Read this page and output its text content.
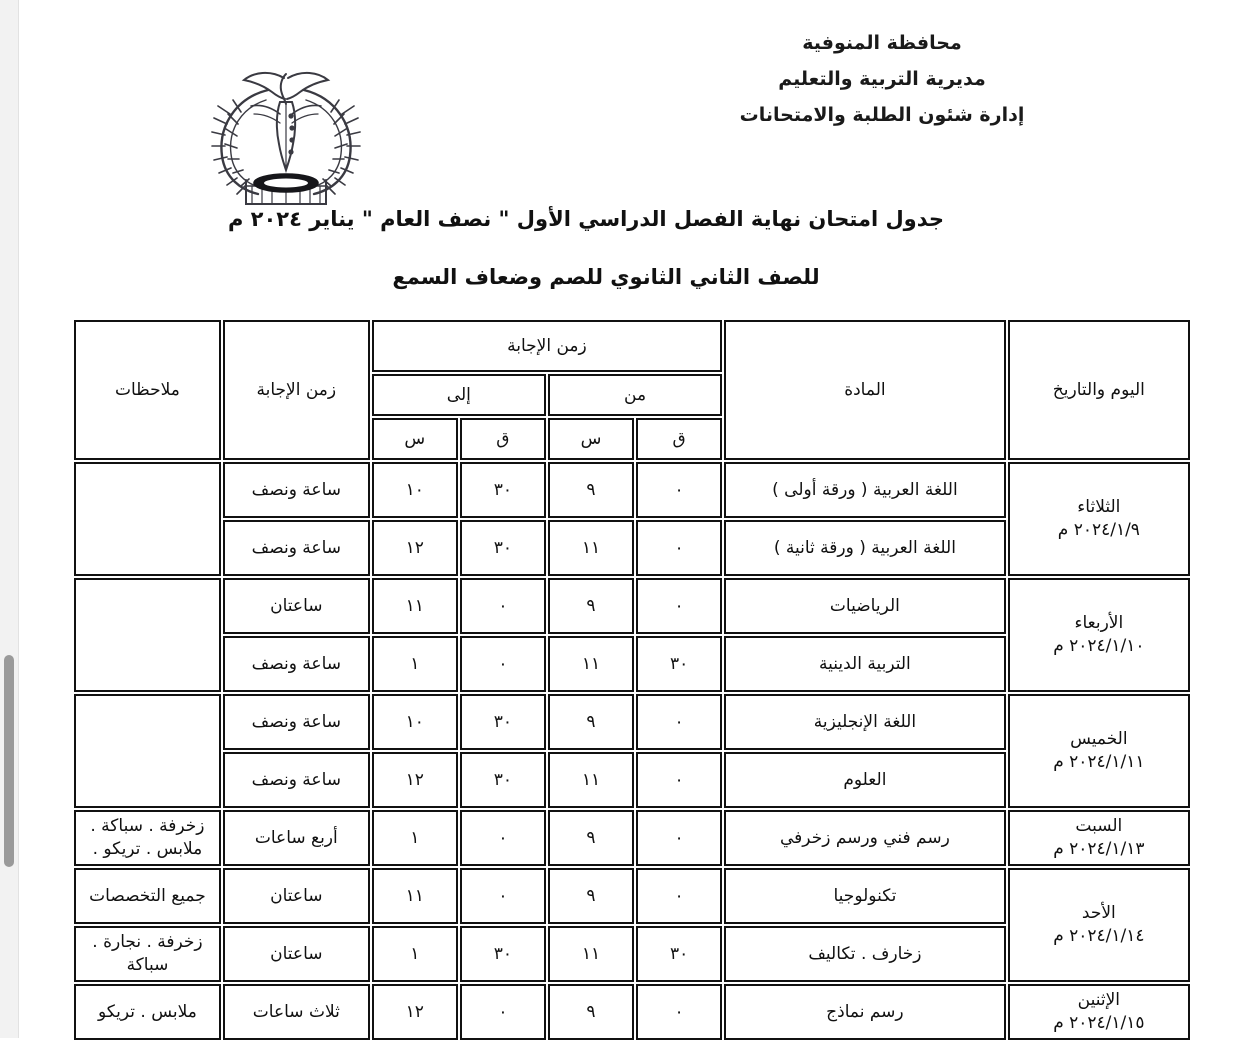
محافظة المنوفية
مديرية التربية والتعليم
إدارة شئون الطلبة والامتحانات
جدول امتحان نهاية الفصل الدراسي الأول " نصف العام " يناير ٢٠٢٤ م
للصف الثاني الثانوي للصم وضعاف السمع
اليوم والتاريخ	المادة	زمن الإجابة				زمن الإجابة	ملاحظات
		من		إلى			
		ق	س	ق	س		

الثلاثاء
٢٠٢٤/١/٩ م	اللغة العربية ( ورقة أولى )	٠	٩	٣٠	١٠	ساعة ونصف	
	اللغة العربية ( ورقة ثانية )	٠	١١	٣٠	١٢	ساعة ونصف	

الأربعاء
٢٠٢٤/١/١٠ م	الرياضيات	٠	٩	٠	١١	ساعتان	
	التربية الدينية	٣٠	١١	٠	١	ساعة ونصف	

الخميس
٢٠٢٤/١/١١ م	اللغة الإنجليزية	٠	٩	٣٠	١٠	ساعة ونصف	
	العلوم	٠	١١	٣٠	١٢	ساعة ونصف	

السبت
٢٠٢٤/١/١٣ م	رسم فني ورسم زخرفي	٠	٩	٠	١	أربع ساعات	زخرفة . سباكة . ملابس . تريكو .

الأحد
٢٠٢٤/١/١٤ م	تكنولوجيا	٠	٩	٠	١١	ساعتان	جميع التخصصات
	زخارف . تكاليف	٣٠	١١	٣٠	١	ساعتان	زخرفة . نجارة . سباكة

الإثنين
٢٠٢٤/١/١٥ م	رسم نماذج	٠	٩	٠	١٢	ثلاث ساعات	ملابس . تريكو
